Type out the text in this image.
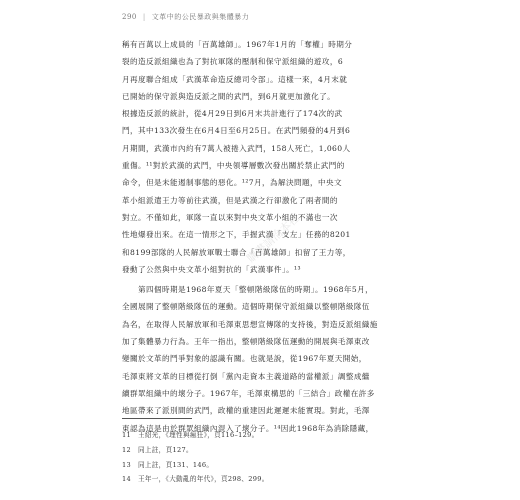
290 | 文革中的公民暴政與集體暴力
稱有百萬以上成員的「百萬雄師」。1967年1月的「奪權」時期分
裂的造反派組織也為了對抗軍隊的壓制和保守派組織的遊攻，6
月再度聯合組成「武漢革命造反總司令部」。這樣一來，4月末就
已開始的保守派與造反派之間的武鬥，到6月就更加激化了。
根據造反派的統計，從4月29日到6月末共計進行了174次的武
鬥，其中133次發生在6月4日至6月25日。在武鬥頻發的4月到6
月期間，武漢市內約有7萬人被捲入武鬥，158人死亡，1,060人
重傷。¹¹對於武漢的武鬥，中央領導層數次發出關於禁止武鬥的
命令，但是未能遏制事態的惡化。¹²7月，為解決問題，中央文
革小組派遣王力等前往武漢，但是武漢之行卻激化了兩者間的
對立。不僅如此，軍隊一直以來對中央文革小組的不滿也一次
性地爆發出來。在這一情形之下，手握武漢「支左」任務的8201
和8199部隊的人民解放軍戰士聯合「百萬雄師」扣留了王力等，
發動了公然與中央文革小組對抗的「武漢事件」。¹³
第四個時期是1968年夏天「整頓階級隊伍的時期」。1968年5月，
全國展開了整頓階級隊伍的運動。這個時期保守派組織以整頓階級隊伍
為名，在取得人民解放軍和毛澤東思想宣傳隊的支持後，對造反派組織施
加了集體暴力行為。王年一指出，整頓階級隊伍運動的開展與毛澤東改
變關於文革的鬥爭對象的認識有關。也就是說，從1967年夏天開始，
毛澤東將文革的目標從打倒「黨內走資本主義道路的當權派」調整成繼
續群眾組織中的壞分子。1967年，毛澤東構思的「三結合」政權在許多
地區帶來了派別間的武鬥，政權的重建因此遲遲未能實現。對此，毛澤
東認為這是由於群眾組織內混入了壞分子。¹⁴因此1968年為消除隱藏，
購書請洽本社
11 王紹光，《理性與瘋狂》，頁116–129。
12 同上註，頁127。
13 同上註，頁131、146。
14 王年一，《大動亂的年代》，頁298、299。
